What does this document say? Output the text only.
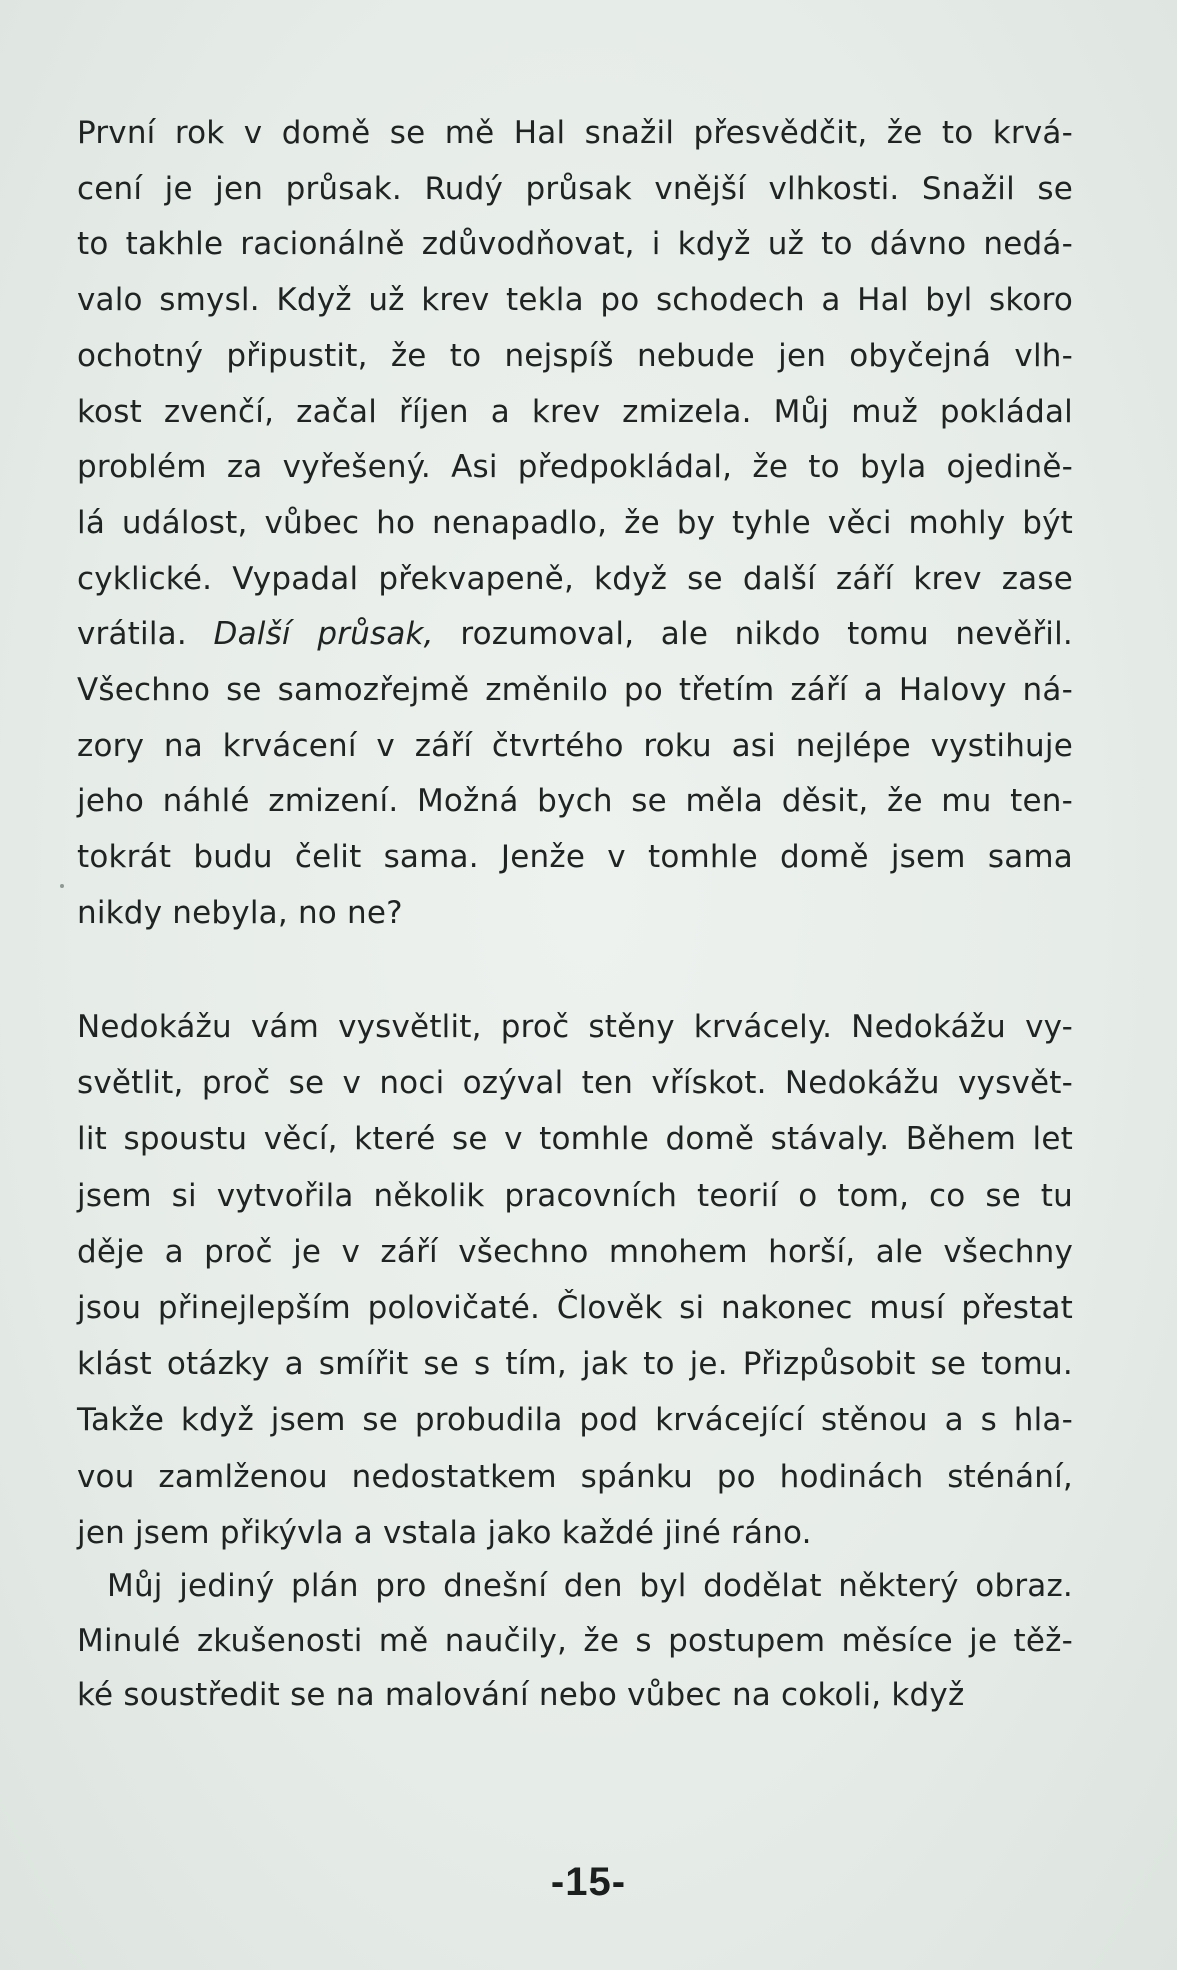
První rok v domě se mě Hal snažil přesvědčit, že to krvá-
cení je jen průsak. Rudý průsak vnější vlhkosti. Snažil se
to takhle racionálně zdůvodňovat, i když už to dávno nedá-
valo smysl. Když už krev tekla po schodech a Hal byl skoro
ochotný připustit, že to nejspíš nebude jen obyčejná vlh-
kost zvenčí, začal říjen a krev zmizela. Můj muž pokládal
problém za vyřešený. Asi předpokládal, že to byla ojedině-
lá událost, vůbec ho nenapadlo, že by tyhle věci mohly být
cyklické. Vypadal překvapeně, když se další září krev zase
vrátila. Další průsak, rozumoval, ale nikdo tomu nevěřil.
Všechno se samozřejmě změnilo po třetím září a Halovy ná-
zory na krvácení v září čtvrtého roku asi nejlépe vystihuje
jeho náhlé zmizení. Možná bych se měla děsit, že mu ten-
tokrát budu čelit sama. Jenže v tomhle domě jsem sama
nikdy nebyla, no ne?
Nedokážu vám vysvětlit, proč stěny krvácely. Nedokážu vy-
světlit, proč se v noci ozýval ten vřískot. Nedokážu vysvět-
lit spoustu věcí, které se v tomhle domě stávaly. Během let
jsem si vytvořila několik pracovních teorií o tom, co se tu
děje a proč je v září všechno mnohem horší, ale všechny
jsou přinejlepším polovičaté. Člověk si nakonec musí přestat
klást otázky a smířit se s tím, jak to je. Přizpůsobit se tomu.
Takže když jsem se probudila pod krvácející stěnou a s hla-
vou zamlženou nedostatkem spánku po hodinách sténání,
jen jsem přikývla a vstala jako každé jiné ráno.
Můj jediný plán pro dnešní den byl dodělat některý obraz.
Minulé zkušenosti mě naučily, že s postupem měsíce je těž-
ké soustředit se na malování nebo vůbec na cokoli, když
-15-
